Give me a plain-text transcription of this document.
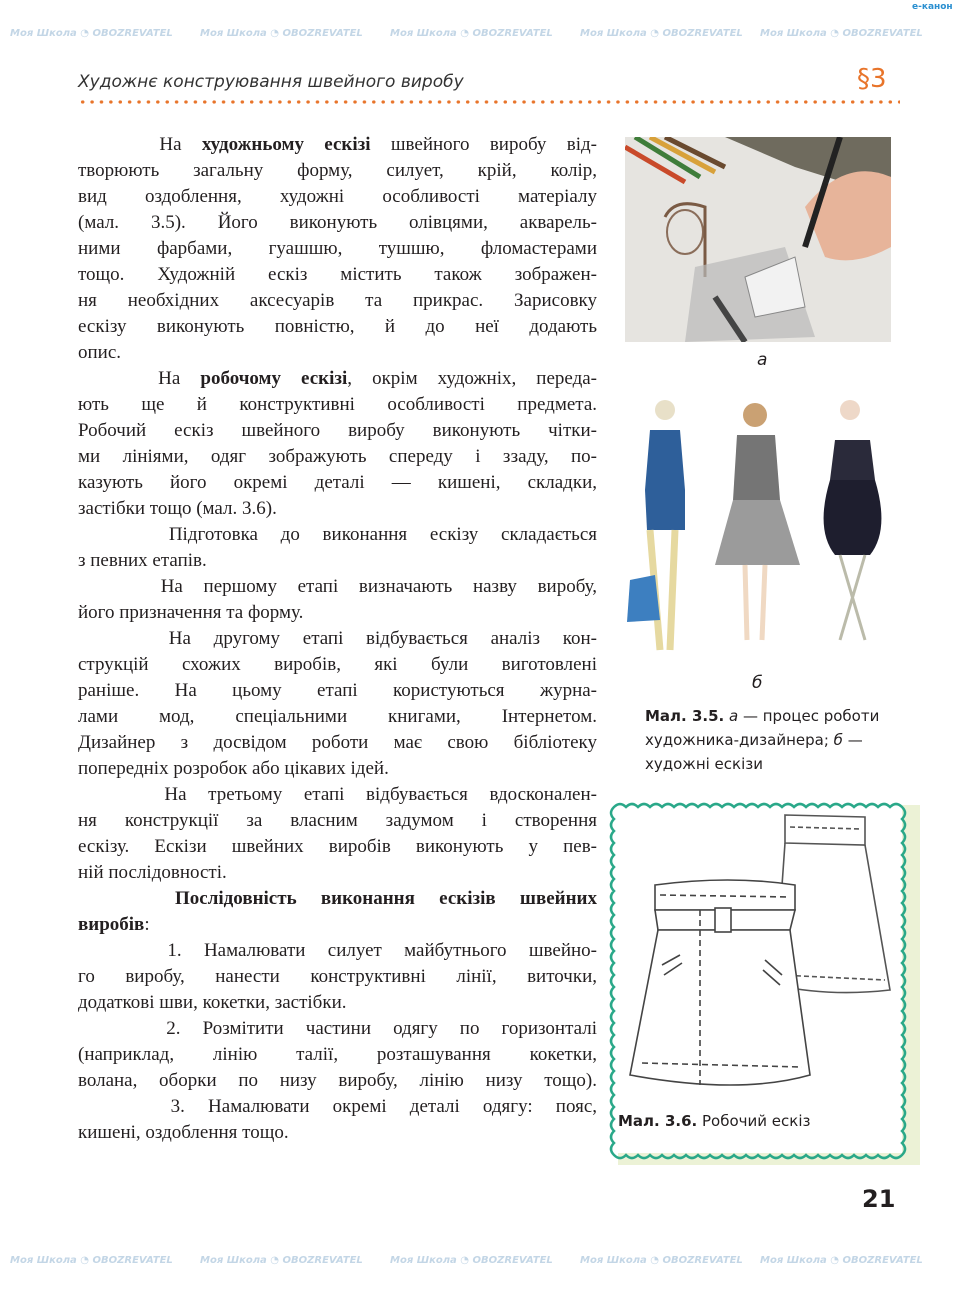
Моя Школа ◔ OBOZREVATEL	Моя Школа ◔ OBOZREVATEL	Моя Школа ◔ OBOZREVATEL	Моя Школа ◔ OBOZREVATEL Моя Школа ◔ OBOZREVATEL
Моя Школа ◔ OBOZREVATEL	Моя Школа ◔ OBOZREVATEL	Моя Школа ◔ OBOZREVATEL	Моя Школа ◔ OBOZREVATEL Моя Школа ◔ OBOZREVATEL
e-канон
Художнє конструювання швейного виробу	§3
На художньому ескізі швейного виробу від-
творюють загальну форму, силует, крій, колір,
вид оздоблення, художні особливості матеріалу
(мал. 3.5). Його виконують олівцями, акварель-
ними фарбами, гуашшю, тушшю, фломастерами
тощо. Художній ескіз містить також зображен-
ня необхідних аксесуарів та прикрас. Зарисовку
ескізу виконують повністю, й до неї додають
опис.
На робочому ескізі, окрім художніх, переда-
ють ще й конструктивні особливості предмета.
Робочий ескіз швейного виробу виконують чітки-
ми лініями, одяг зображують спереду і ззаду, по-
казують його окремі деталі — кишені, складки,
застібки тощо (мал. 3.6).
Підготовка до виконання ескізу складається
з певних етапів.
На першому етапі визначають назву виробу,
його призначення та форму.
На другому етапі відбувається аналіз кон-
струкцій схожих виробів, які були виготовлені
раніше. На цьому етапі користуються журна-
лами мод, спеціальними книгами, Інтернетом.
Дизайнер з досвідом роботи має свою бібліотеку
попередніх розробок або цікавих ідей.
На третьому етапі відбувається вдосконален-
ня конструкції за власним задумом і створення
ескізу. Ескізи швейних виробів виконують у пев-
ній послідовності.
Послідовність виконання ескізів швейних
виробів:
1. Намалювати силует майбутнього швейно-
го виробу, нанести конструктивні лінії, виточки,
додаткові шви, кокетки, застібки.
2. Розмітити частини одягу по горизонталі
(наприклад, лінію талії, розташування кокетки,
волана, оборки по низу виробу, лінію низу тощо).
3. Намалювати окремі деталі одягу: пояс,
кишені, оздоблення тощо.
а
б
Мал. 3.5. а — процес роботи художника-дизайнера; б — художні ескізи
Мал. 3.6. Робочий ескіз
21
